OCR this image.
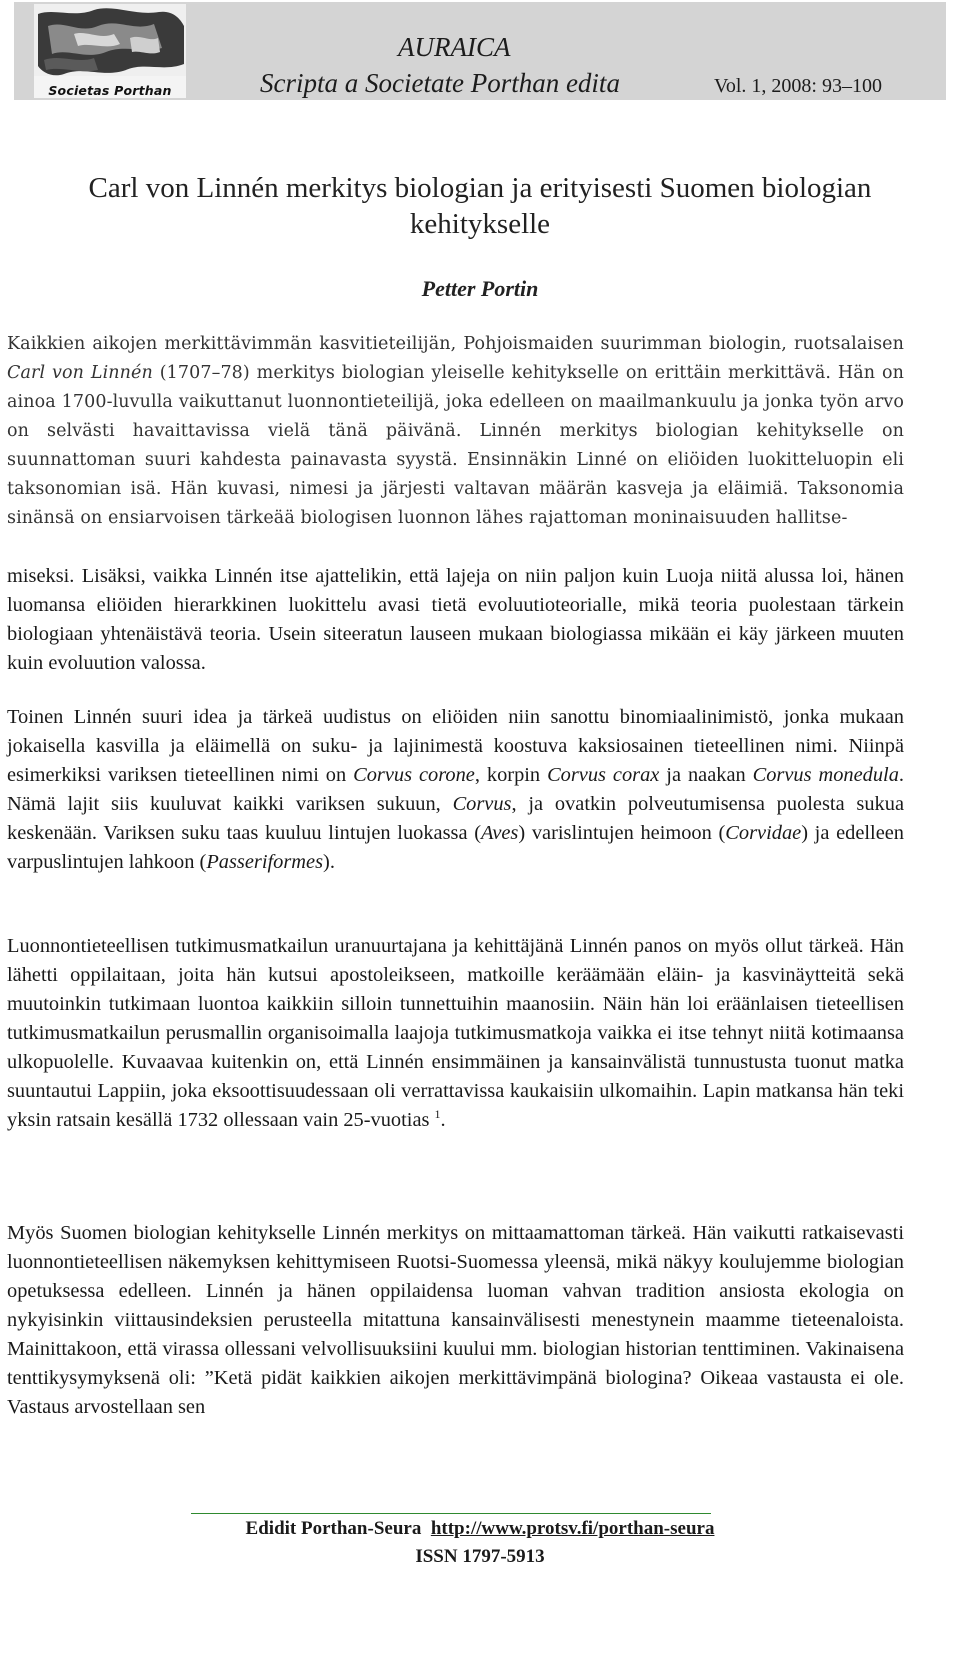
Societas Porthan
AURAICA
Scripta a Societate Porthan edita	Vol. 1, 2008: 93–100
Carl von Linnén merkitys biologian ja erityisesti Suomen biologian kehitykselle
Petter Portin

Kaikkien aikojen merkittävimmän kasvitieteilijän, Pohjoismaiden suurimman biologin, ruotsalaisen Carl von Linnén (1707–78) merkitys biologian yleiselle kehitykselle on erittäin merkittävä. Hän on ainoa 1700-luvulla vaikuttanut luonnontieteilijä, joka edelleen on maailmankuulu ja jonka työn arvo on selvästi havaittavissa vielä tänä päivänä. Linnén merkitys biologian kehitykselle on suunnattoman suuri kahdesta painavasta syystä. Ensinnäkin Linné on eliöiden luokitteluopin eli taksonomian isä. Hän kuvasi, nimesi ja järjesti valtavan määrän kasveja ja eläimiä. Taksonomia sinänsä on ensiarvoisen tärkeää biologisen luonnon lähes rajattoman moninaisuuden hallitse-

miseksi. Lisäksi, vaikka Linnén itse ajattelikin, että lajeja on niin paljon kuin Luoja niitä alussa loi, hänen luomansa eliöiden hierarkkinen luokittelu avasi tietä evoluutioteorialle, mikä teoria puolestaan tärkein biologiaan yhtenäistävä teoria. Usein siteeratun lauseen mukaan biologiassa mikään ei käy järkeen muuten kuin evoluution valossa.

Toinen Linnén suuri idea ja tärkeä uudistus on eliöiden niin sanottu binomiaalinimistö, jonka mukaan jokaisella kasvilla ja eläimellä on suku- ja lajinimestä koostuva kaksiosainen tieteellinen nimi. Niinpä esimerkiksi variksen tieteellinen nimi on Corvus corone, korpin Corvus corax ja naakan Corvus monedula. Nämä lajit siis kuuluvat kaikki variksen sukuun, Corvus, ja ovatkin polveutumisensa puolesta sukua keskenään. Variksen suku taas kuuluu lintujen luokassa (Aves) varislintujen heimoon (Corvidae) ja edelleen varpuslintujen lahkoon (Passeriformes).

Luonnontieteellisen tutkimusmatkailun uranuurtajana ja kehittäjänä Linnén panos on myös ollut tärkeä. Hän lähetti oppilaitaan, joita hän kutsui apostoleikseen, matkoille keräämään eläin- ja kasvinäytteitä sekä muutoinkin tutkimaan luontoa kaikkiin silloin tunnettuihin maanosiin. Näin hän loi eräänlaisen tieteellisen tutkimusmatkailun perusmallin organisoimalla laajoja tutkimusmatkoja vaikka ei itse tehnyt niitä kotimaansa ulkopuolelle. Kuvaavaa kuitenkin on, että Linnén ensimmäinen ja kansainvälistä tunnustusta tuonut matka suuntautui Lappiin, joka eksoottisuudessaan oli verrattavissa kaukaisiin ulkomaihin. Lapin matkansa hän teki yksin ratsain kesällä 1732 ollessaan vain 25-vuotias $^1$.

Myös Suomen biologian kehitykselle Linnén merkitys on mittaamattoman tärkeä. Hän vaikutti ratkaisevasti luonnontieteellisen näkemyksen kehittymiseen Ruotsi-Suomessa yleensä, mikä näkyy koulujemme biologian opetuksessa edelleen. Linnén ja hänen oppilaidensa luoman vahvan tradition ansiosta ekologia on nykyisinkin viittausindeksien perusteella mitattuna kansainvälisesti menestynein maamme tieteenaloista. Mainittakoon, että virassa ollessani velvollisuuksiini kuului mm. biologian historian tenttiminen. Vakinaisena tenttikysymyksenä oli: ”Ketä pidät kaikkien aikojen merkittävimpänä biologina? Oikeaa vastausta ei ole. Vastaus arvostellaan sen

Edidit Porthan-Seura http://www.protsv.fi/porthan-seura
ISSN 1797-5913
